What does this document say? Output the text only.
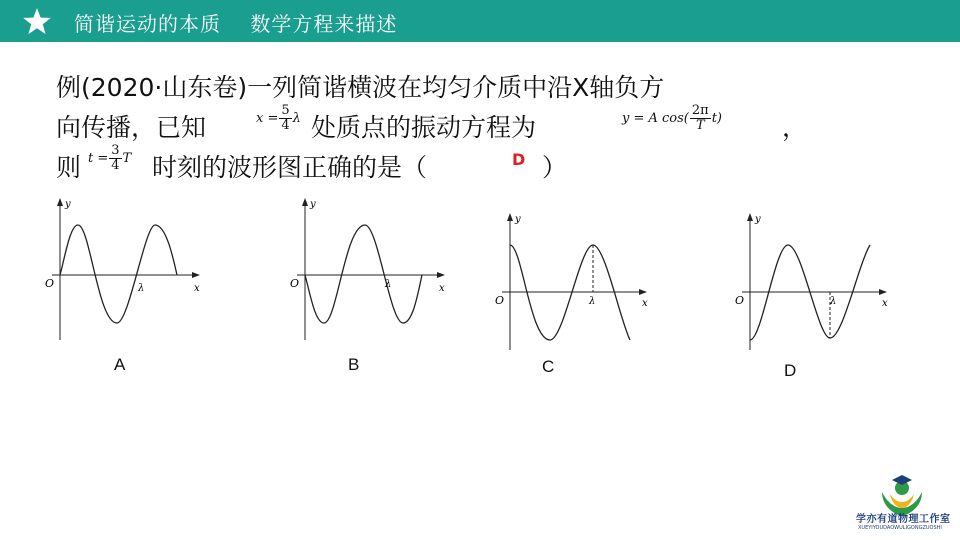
简谐运动的本质    数学方程来描述
例(2020·山东卷)一列简谐横波在均匀介质中沿X轴负方
向传播，已知	$x = \frac{5}{4}$ λ 处质点的振动方程为	y = A $\cos( \frac{2\pi}{T} t)$ ，
则 $t = \frac{3}{4}$ T 时刻的波形图正确的是（	D ）
y
O	λ	x
A
y
O	λ	x
B
y
O	λ	x
C
y
O	λ	x
D
学亦有道物理工作室
XUEYIYOUDAOWULIGONGZUOSHI
